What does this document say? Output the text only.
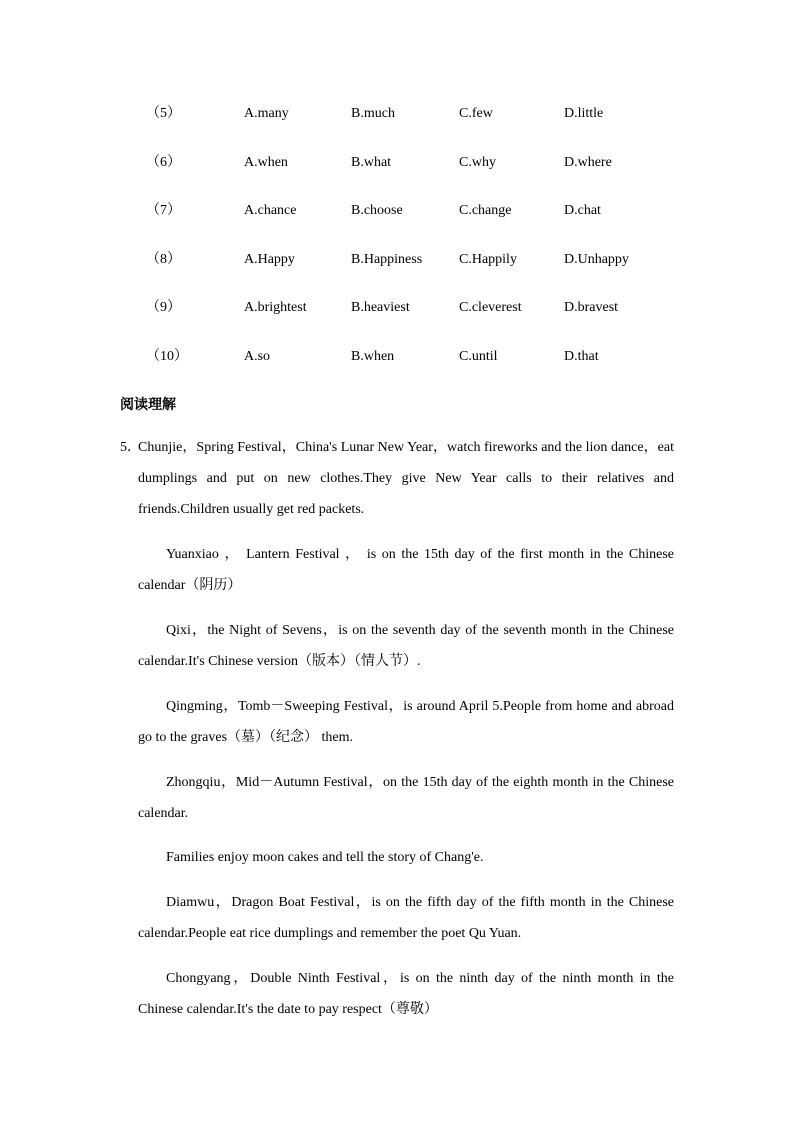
（5）	A.many	B.much	C.few	D.little
（6）	A.when	B.what	C.why	D.where
（7）	A.chance	B.choose	C.change	D.chat
（8）	A.Happy	B.Happiness	C.Happily	D.Unhappy
（9）	A.brightest	B.heaviest	C.cleverest	D.bravest
（10）	A.so	B.when	C.until	D.that
阅读理解
5．
Chunjie，Spring Festival，China's Lunar New Year，watch fireworks and the lion dance，eat
dumplings and put on new clothes.They give New Year calls to their relatives and
friends.Children usually get red packets.
Yuanxiao ， Lantern Festival ， is on the 15th day of the first month in the Chinese
calendar（阴历）
Qixi，the Night of Sevens，is on the seventh day of the seventh month in the Chinese
calendar.It's Chinese version（版本）（情人节）.
Qingming，Tomb－Sweeping Festival，is around April 5.People from home and abroad
go to the graves（墓）（纪念） them.
Zhongqiu，Mid－Autumn Festival，on the 15th day of the eighth month in the Chinese
calendar.
Families enjoy moon cakes and tell the story of Chang'e.
Diamwu，Dragon Boat Festival，is on the fifth day of the fifth month in the Chinese
calendar.People eat rice dumplings and remember the poet Qu Yuan.
Chongyang，Double Ninth Festival，is on the ninth day of the ninth month in the
Chinese calendar.It's the date to pay respect（尊敬）
